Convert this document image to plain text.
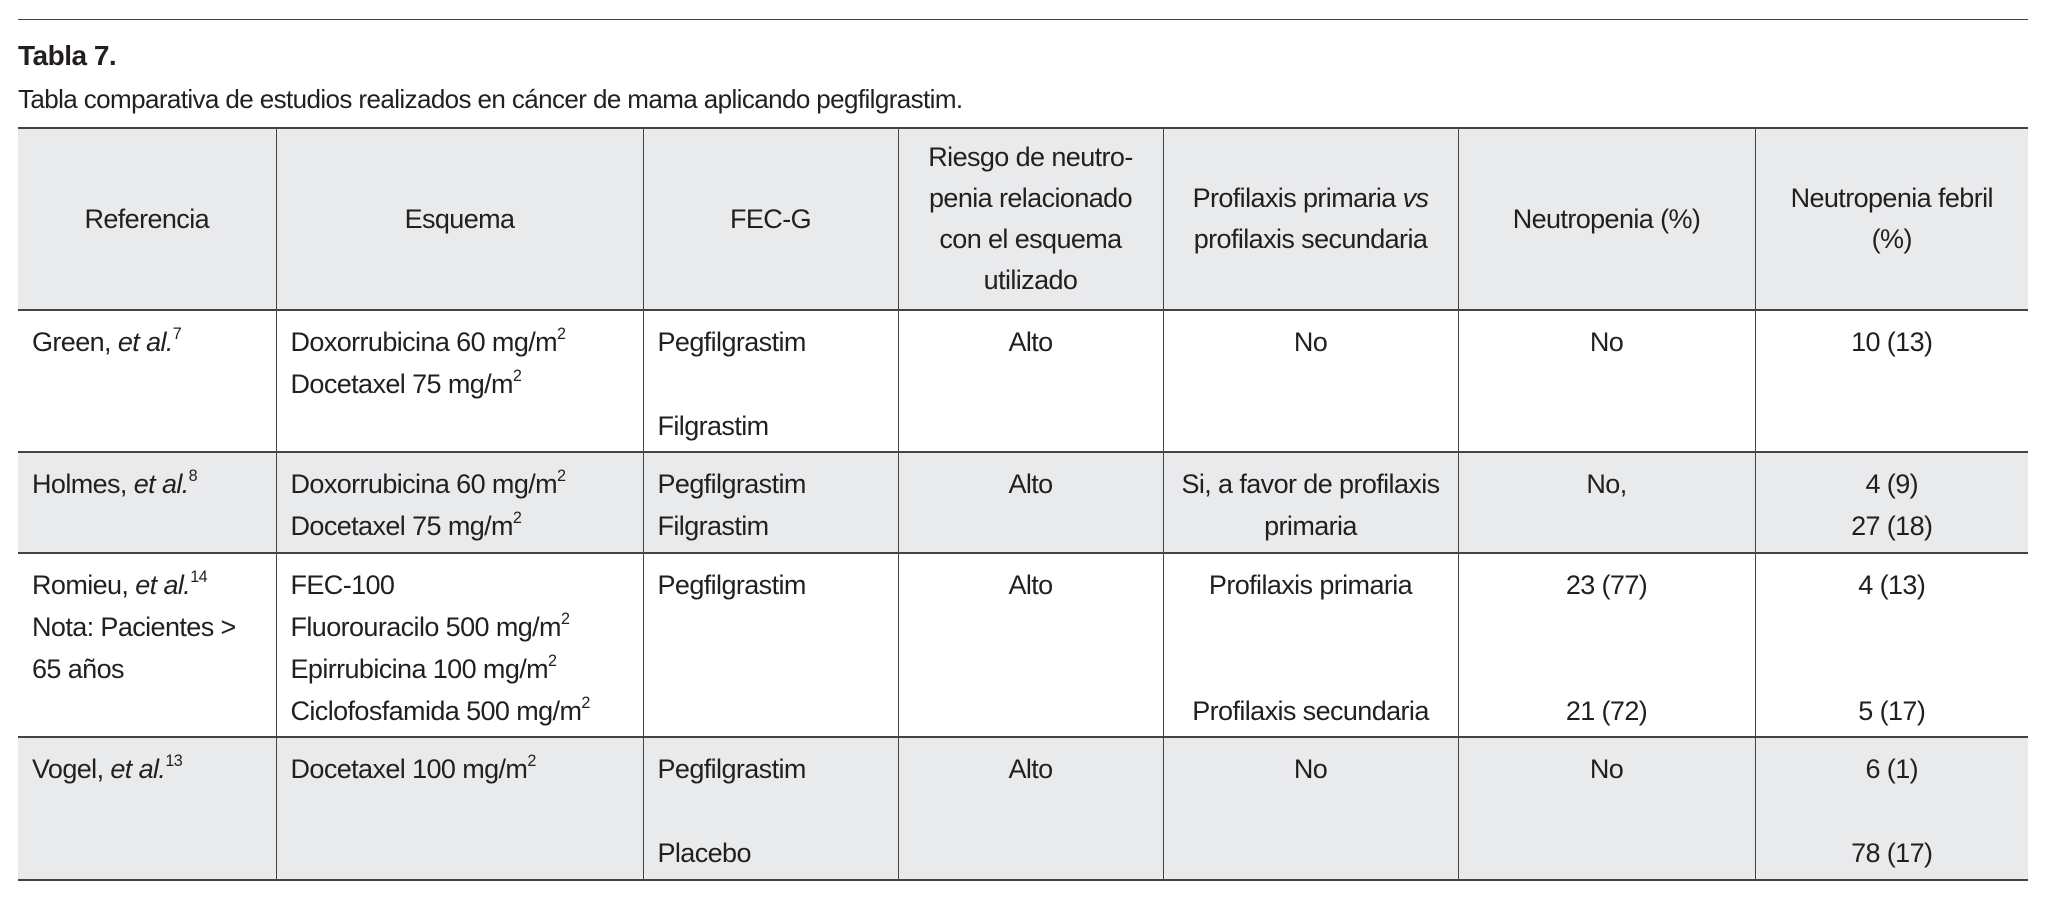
Tabla 7.
Tabla comparativa de estudios realizados en cáncer de mama aplicando pegfilgrastim.
Referencia	Esquema	FEC-G	Riesgo de neutro-
penia relacionado
con el esquema
utilizado	Profilaxis primaria vs
profilaxis secundaria	Neutropenia (%)	Neutropenia febril
(%)

Green, et al.$^7$	Doxorrubicina 60 $mg/m^2$
Docetaxel 75 $mg/m^2$	Pegfilgrastim
Filgrastim	Alto	No	No	10 (13)

Holmes, et al.$^8$	Doxorrubicina 60 $mg/m^2$
Docetaxel 75 $mg/m^2$	Pegfilgrastim
Filgrastim	Alto	Si, a favor de profilaxis
primaria	No,	4 (9)
27 (18)

Romieu, et al.$^{14}$
Nota: Pacientes >
65 años	FEC-100
Fluorouracilo 500 $mg/m^2$
Epirrubicina 100 $mg/m^2$
Ciclofosfamida 500 $mg/m^2$	Pegfilgrastim	Alto	Profilaxis primaria
Profilaxis secundaria	23 (77)
21 (72)	4 (13)
5 (17)

Vogel, et al.$^{13}$	Docetaxel 100 $mg/m^2$	Pegfilgrastim
Placebo	Alto	No	No	6 (1)
78 (17)
